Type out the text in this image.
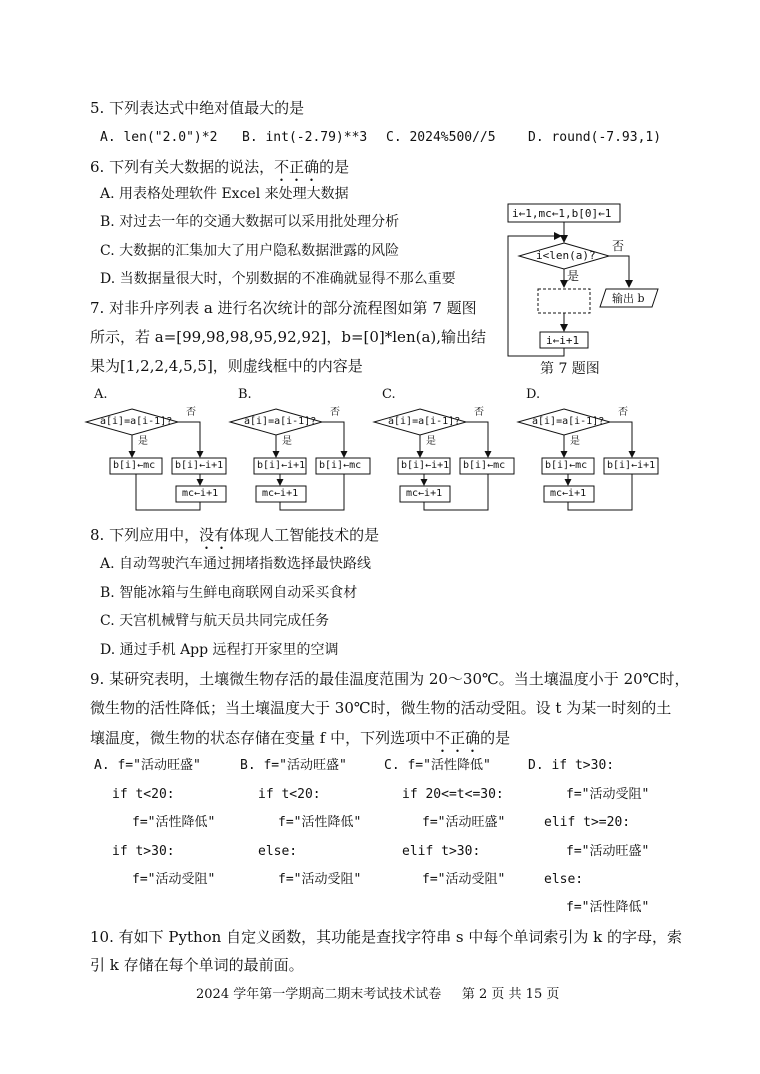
5. 下列表达式中绝对值最大的是
A. len("2.0")*2 B. int(-2.79)**3 C. 2024%500//5 D. round(-7.93,1)
6. 下列有关大数据的说法，不正确的是
A. 用表格处理软件 Excel 来处理大数据
B. 对过去一年的交通大数据可以采用批处理分析
C. 大数据的汇集加大了用户隐私数据泄露的风险
D. 当数据量很大时，个别数据的不准确就显得不那么重要
7. 对非升序列表 a 进行名次统计的部分流程图如第 7 题图
所示，若 a=[99,98,98,95,92,92]，b=[0]*len(a),输出结
果为[1,2,2,4,5,5]，则虚线框中的内容是
i←1,mc←1,b[0]←1
i<len(a)?
否
是
输出 b
i←i+1
第 7 题图
A.
a[i]=a[i-1]?
否
是
b[i]←mc b[i]←i+1
mc←i+1
B.
a[i]=a[i-1]?
否
是
b[i]←i+1 b[i]←mc
mc←i+1
C.
a[i]=a[i-1]?
否
是
b[i]←i+1 b[i]←mc
mc←i+1
D.
a[i]=a[i-1]?
否
是
b[i]←mc b[i]←i+1
mc←i+1
8. 下列应用中，没有体现人工智能技术的是
A. 自动驾驶汽车通过拥堵指数选择最快路线
B. 智能冰箱与生鲜电商联网自动采买食材
C. 天宫机械臂与航天员共同完成任务
D. 通过手机 App 远程打开家里的空调
9. 某研究表明，土壤微生物存活的最佳温度范围为 20～30℃。当土壤温度小于 20℃时，
微生物的活性降低；当土壤温度大于 30℃时，微生物的活动受阻。设 t 为某一时刻的土
壤温度，微生物的状态存储在变量 f 中，下列选项中不正确的是
A. f="活动旺盛"
if t<20:
f="活性降低"
if t>30:
f="活动受阻"
B. f="活动旺盛"
if t<20:
f="活性降低"
else:
f="活动受阻"
C. f="活性降低"
if 20<=t<=30:
f="活动旺盛"
elif t>30:
f="活动受阻"
D. if t>30:
f="活动受阻"
elif t>=20:
f="活动旺盛"
else:
f="活性降低"
10. 有如下 Python 自定义函数，其功能是查找字符串 s 中每个单词索引为 k 的字母，索
引 k 存储在每个单词的最前面。
2024 学年第一学期高二期末考试技术试卷     第 2 页 共 15 页
